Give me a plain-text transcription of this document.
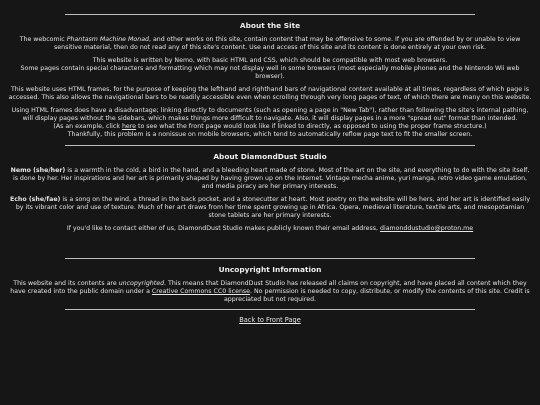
About the Site

The webcomic Phantasm Machine Monad, and other works on this site, contain content that may be offensive to some. If you are offended by or unable to view sensitive material, then do not read any of this site's content. Use and access of this site and its content is done entirely at your own risk.

This website is written by Nemo, with basic HTML and CSS, which should be compatible with most web browsers.

Some pages contain special characters and formatting which may not display well in some browsers (most especially mobile phones and the Nintendo Wii web browser).

This website uses HTML frames, for the purpose of keeping the lefthand and righthand bars of navigational content available at all times, regardless of which page is accessed. This also allows the navigational bars to be readily accessible even when scrolling through very long pages of text, of which there are many on this website.

Using HTML frames does have a disadvantage; linking directly to documents (such as opening a page in "New Tab"), rather than following the site's internal pathing, will display pages without the sidebars, which makes things more difficult to navigate. Also, it will display pages in a more "spread out" format than intended.

(As an example, click here to see what the front page would look like if linked to directly, as opposed to using the proper frame structure.)

Thankfully, this problem is a nonissue on mobile browsers, which tend to automatically reflow page text to fit the smaller screen.

About DiamondDust Studio

Nemo (she/her) is a warmth in the cold, a bird in the hand, and a bleeding heart made of stone. Most of the art on the site, and everything to do with the site itself, is done by her. Her inspirations and her art is primarily shaped by having grown up on the Internet. Vintage mecha anime, yuri manga, retro video game emulation, and media piracy are her primary interests.

Echo (she/fae) is a song on the wind, a thread in the back pocket, and a stonecutter at heart. Most poetry on the website will be hers, and her art is identified easily by its vibrant color and use of texture. Much of her art draws from her time spent growing up in Africa. Opera, medieval literature, textile arts, and mesopotamian stone tablets are her primary interests.

If you'd like to contact either of us, DiamondDust Studio makes publicly known their email address, diamonddustudio@proton.me

Uncopyright Information

This website and its contents are uncopyrighted. This means that DiamondDust Studio has released all claims on copyright, and have placed all content which they have created into the public domain under a Creative Commons CC0 license. No permission is needed to copy, distribute, or modify the contents of this site. Credit is appreciated but not required.

Back to Front Page
